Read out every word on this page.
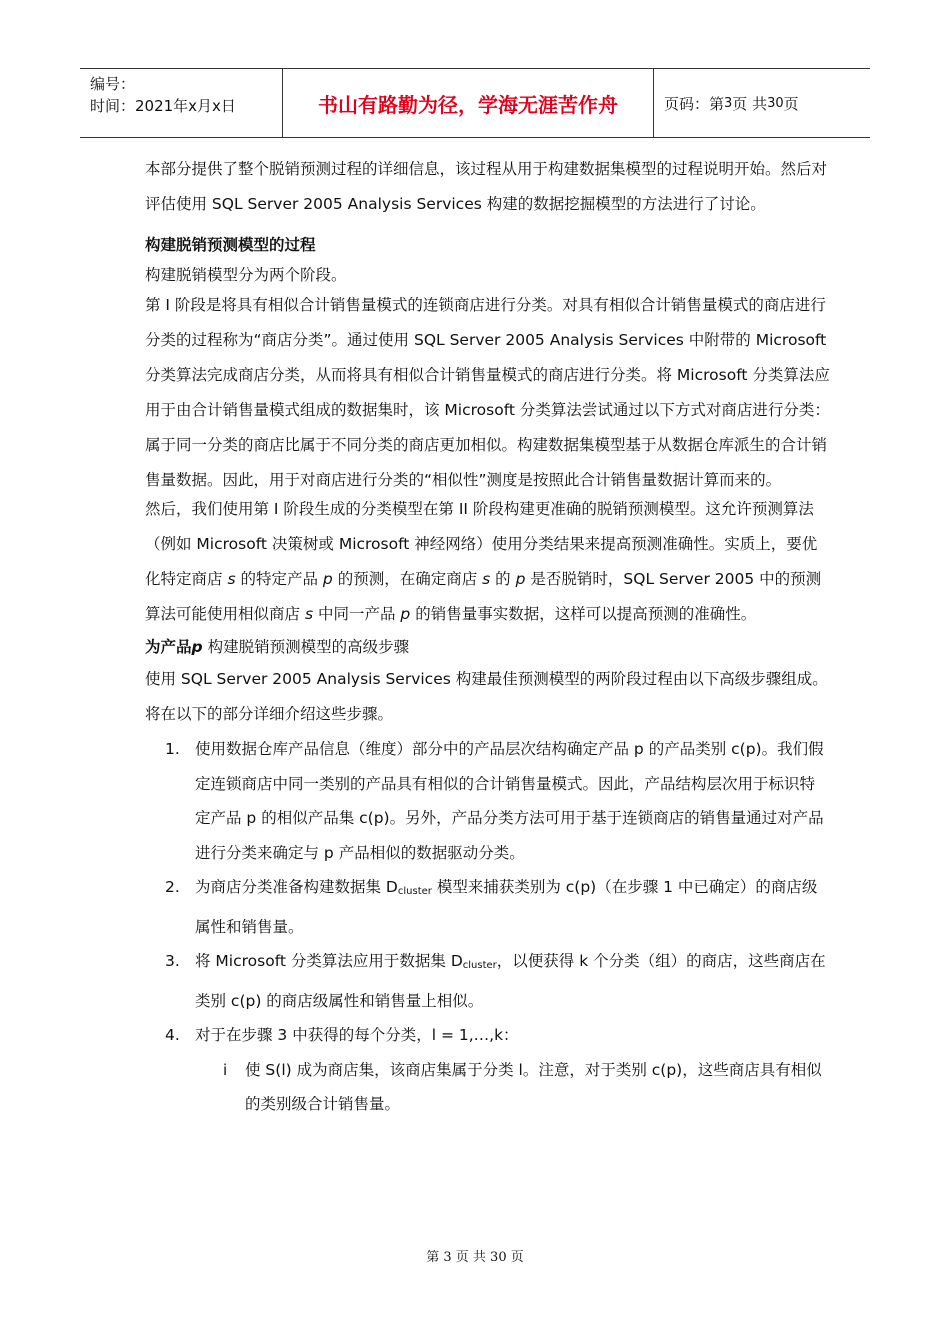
编号：
时间：2021年x月x日	书山有路勤为径，学海无涯苦作舟	页码：第 3 页 共 30 页

本部分提供了整个脱销预测过程的详细信息，该过程从用于构建数据集模型的过程说明开始。然后对评估使用 SQL Server 2005 Analysis Services 构建的数据挖掘模型的方法进行了讨论。

构建脱销预测模型的过程

构建脱销模型分为两个阶段。

第 I 阶段是将具有相似合计销售量模式的连锁商店进行分类。对具有相似合计销售量模式的商店进行分类的过程称为“商店分类”。通过使用 SQL Server 2005 Analysis Services 中附带的 Microsoft 分类算法完成商店分类，从而将具有相似合计销售量模式的商店进行分类。将 Microsoft 分类算法应用于由合计销售量模式组成的数据集时，该 Microsoft 分类算法尝试通过以下方式对商店进行分类：属于同一分类的商店比属于不同分类的商店更加相似。构建数据集模型基于从数据仓库派生的合计销售量数据。因此，用于对商店进行分类的“相似性”测度是按照此合计销售量数据计算而来的。

然后，我们使用第 I 阶段生成的分类模型在第 II 阶段构建更准确的脱销预测模型。这允许预测算法（例如 Microsoft 决策树或 Microsoft 神经网络）使用分类结果来提高预测准确性。实质上，要优化特定商店 s 的特定产品 p 的预测，在确定商店 s 的 p 是否脱销时，SQL Server 2005 中的预测算法可能使用相似商店 s 中同一产品 p 的销售量事实数据，这样可以提高预测的准确性。

为产品p 构建脱销预测模型的高级步骤

使用 SQL Server 2005 Analysis Services 构建最佳预测模型的两阶段过程由以下高级步骤组成。将在以下的部分详细介绍这些步骤。

1. 使用数据仓库产品信息（维度）部分中的产品层次结构确定产品 p 的产品类别 c(p)。我们假定连锁商店中同一类别的产品具有相似的合计销售量模式。因此，产品结构层次用于标识特定产品 p 的相似产品集 c(p)。另外，产品分类方法可用于基于连锁商店的销售量通过对产品进行分类来确定与 p 产品相似的数据驱动分类。
2. 为商店分类准备构建数据集 $D_{cluster}$ 模型来捕获类别为 c(p)（在步骤 1 中已确定）的商店级属性和销售量。
3. 将 Microsoft 分类算法应用于数据集 $D_{cluster}$，以便获得 k 个分类（组）的商店，这些商店在类别 c(p) 的商店级属性和销售量上相似。
4. 对于在步骤 3 中获得的每个分类，l = 1,…,k：
i 使 S(l) 成为商店集，该商店集属于分类 l。注意，对于类别 c(p)，这些商店具有相似的类别级合计销售量。
第 3 页 共 30 页
